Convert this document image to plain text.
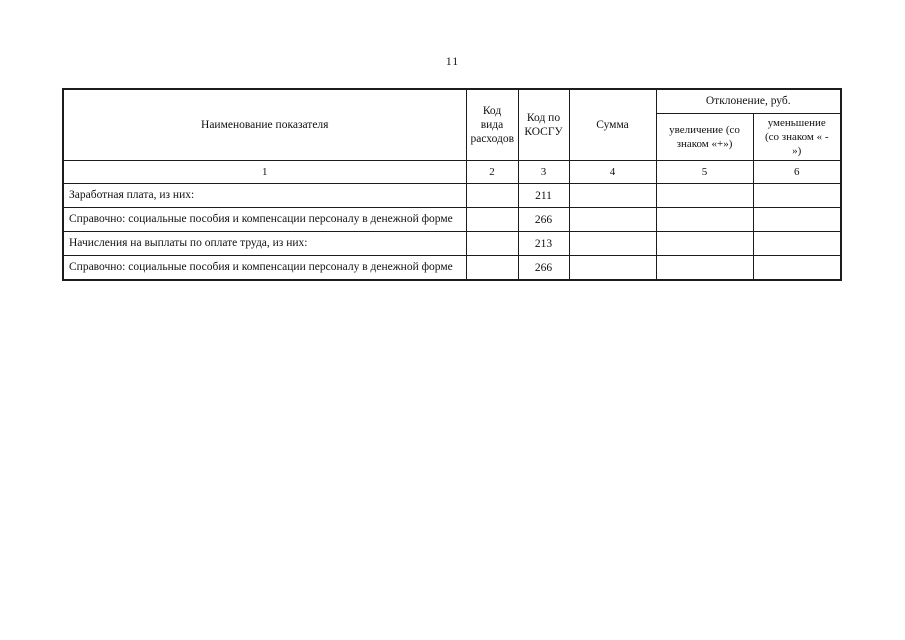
11
Наименование показателя	Код вида расходов	Код по КОСГУ	Сумма	Отклонение, руб.	
				увеличение (со знаком «+»)	уменьшение (со знаком « - »)
1	2	3	4	5	6
Заработная плата, из них:		211			
Справочно: социальные пособия и компенсации персоналу в денежной форме		266			
Начисления на выплаты по оплате труда, из них:		213			
Справочно: социальные пособия и компенсации персоналу в денежной форме		266			
